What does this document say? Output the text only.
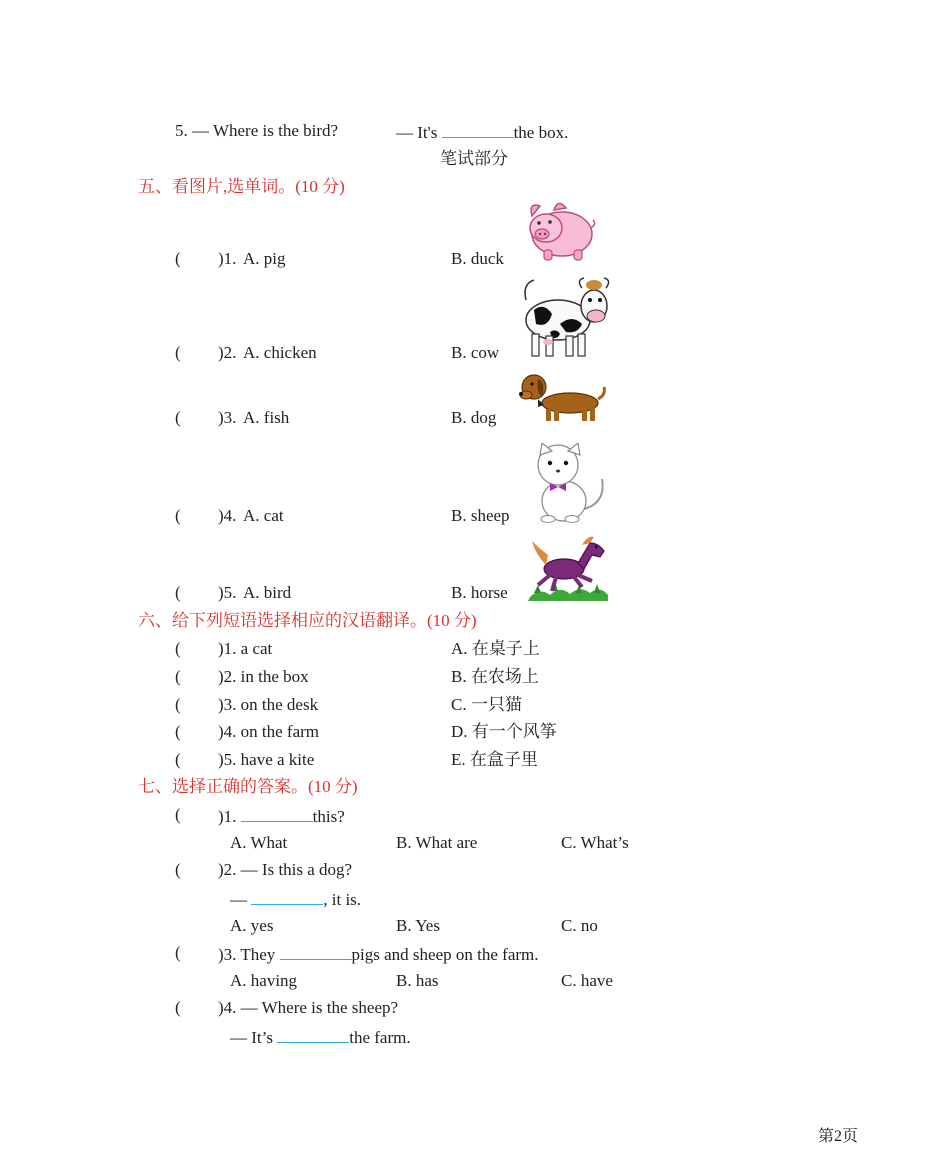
5. — Where is the bird?	— It's	the box.
笔试部分
五、看图片,选单词。(10 分)
( )1. A. pig	B. duck
( )2. A. chicken	B. cow
( )3. A. fish	B. dog
( )4. A. cat	B. sheep
( )5. A. bird	B. horse
六、给下列短语选择相应的汉语翻译。(10 分)
( )1. a cat	A. 在桌子上
( )2. in the box	B. 在农场上
( )3. on the desk	C. 一只猫
( )4. on the farm	D. 有一个风筝
( )5. have a kite	E. 在盒子里
七、选择正确的答案。(10 分)
( )1.	this?
A. What	B. What are	C. What’s
( )2. — Is this a dog?
—	, it is.
A. yes	B. Yes	C. no
( )3. They	pigs and sheep on the farm.
A. having	B. has	C. have
( )4. — Where is the sheep?
— It’s	the farm.
第2页
